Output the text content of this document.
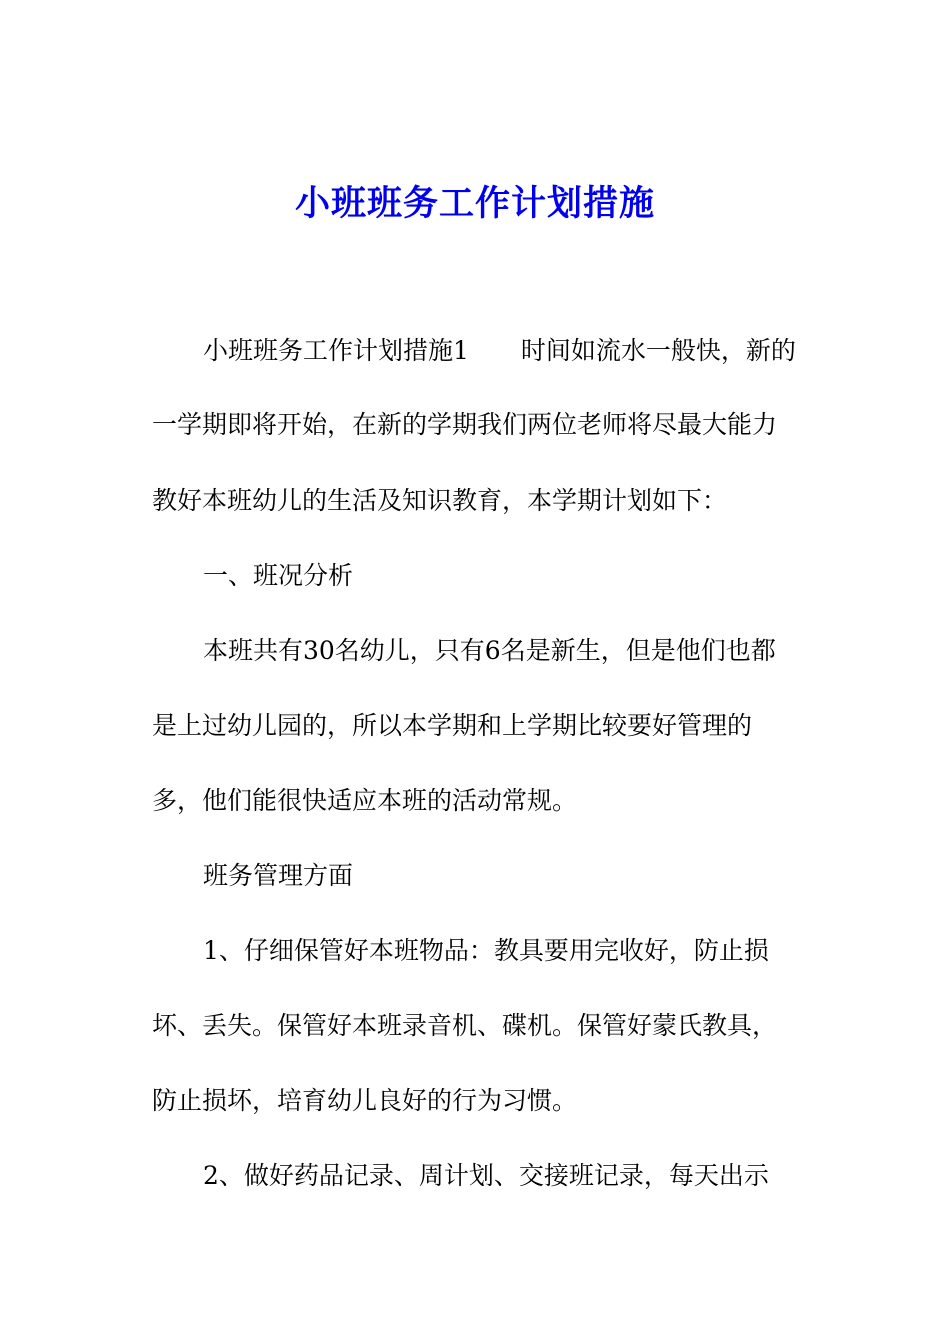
小班班务工作计划措施
小班班务工作计划措施1 时间如流水一般快，新的
一学期即将开始，在新的学期我们两位老师将尽最大能力
教好本班幼儿的生活及知识教育，本学期计划如下：
一、班况分析
本班共有30名幼儿，只有6名是新生，但是他们也都
是上过幼儿园的，所以本学期和上学期比较要好管理的
多，他们能很快适应本班的活动常规。
班务管理方面
1、仔细保管好本班物品：教具要用完收好，防止损
坏、丢失。保管好本班录音机、碟机。保管好蒙氏教具，
防止损坏，培育幼儿良好的行为习惯。
2、做好药品记录、周计划、交接班记录，每天出示
